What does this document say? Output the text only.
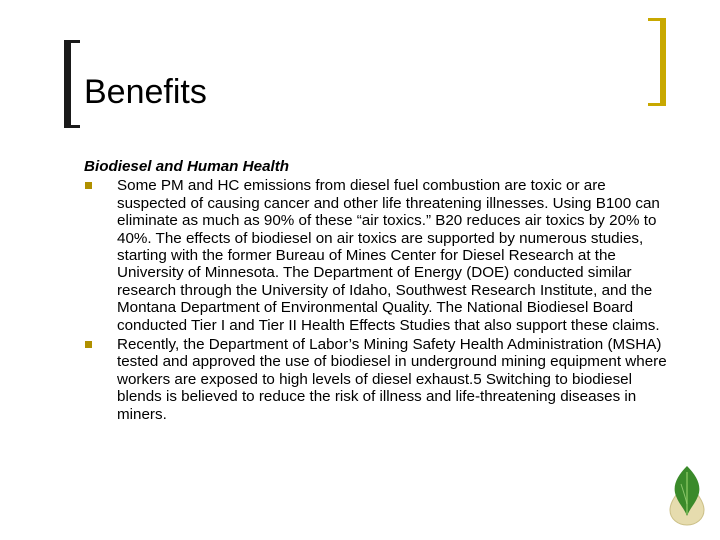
Benefits

Biodiesel and Human Health

Some PM and HC emissions from diesel fuel combustion are toxic or are suspected of causing cancer and other life threatening illnesses. Using B100 can eliminate as much as 90% of these “air toxics.” B20 reduces air toxics by 20% to 40%. The effects of biodiesel on air toxics are supported by numerous studies, starting with the former Bureau of Mines Center for Diesel Research at the University of Minnesota. The Department of Energy (DOE) conducted similar research through the University of Idaho, Southwest Research Institute, and the Montana Department of Environmental Quality. The National Biodiesel Board conducted Tier I and Tier II Health Effects Studies that also support these claims.
Recently, the Department of Labor’s Mining Safety Health Administration (MSHA) tested and approved the use of biodiesel in underground mining equipment where workers are exposed to high levels of diesel exhaust.5 Switching to biodiesel blends is believed to reduce the risk of illness and life-threatening diseases in miners.
